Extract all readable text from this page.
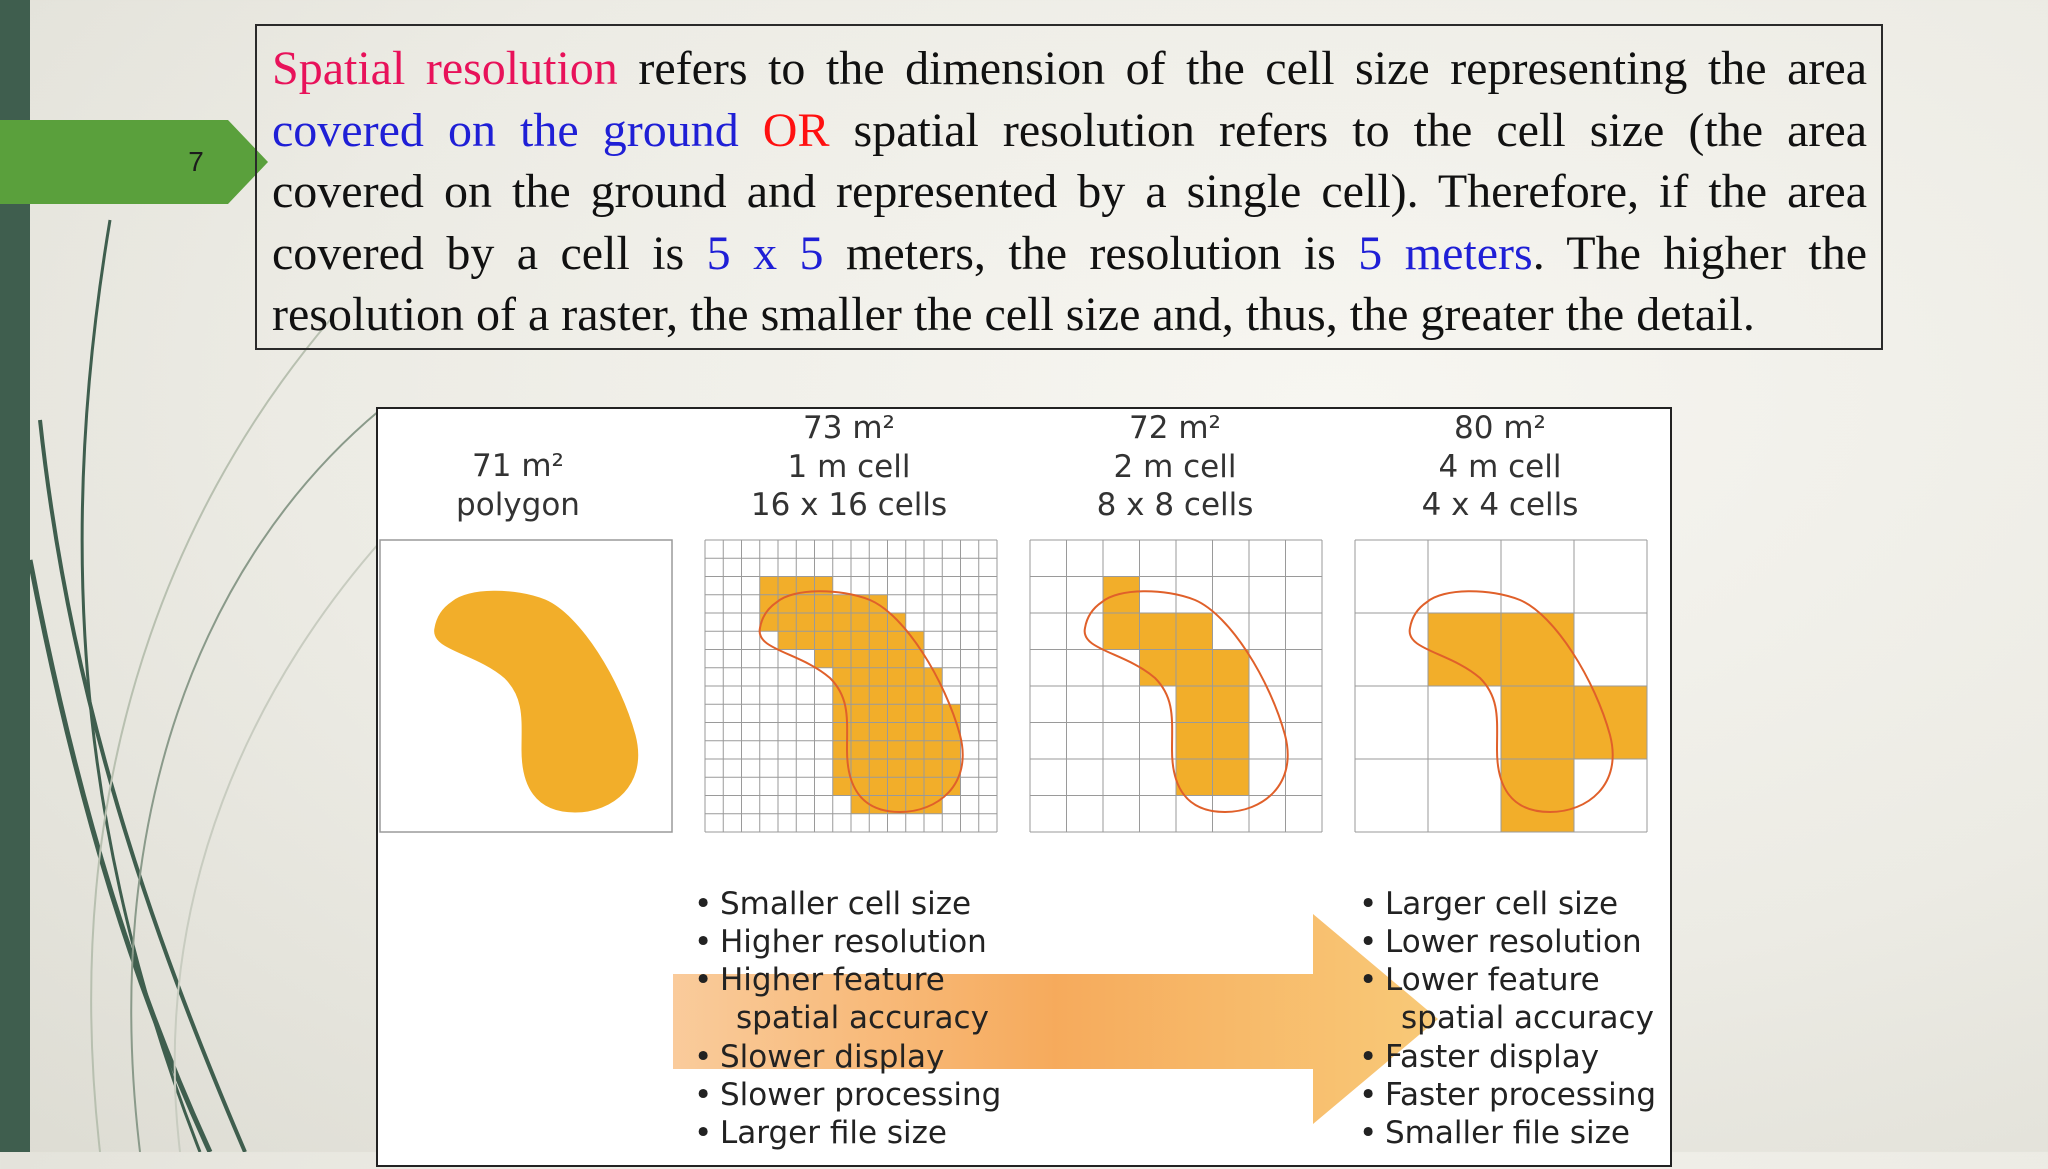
7
Spatial resolution refers to the dimension of the cell size representing the area
covered on the ground OR spatial resolution refers to the cell size (the area
covered on the ground and represented by a single cell). Therefore, if the area
covered by a cell is 5 x 5 meters, the resolution is 5 meters. The higher the
resolution of a raster, the smaller the cell size and, thus, the greater the detail.
71 m²
polygon
73 m²
1 m cell
16 x 16 cells
72 m²
2 m cell
8 x 8 cells
80 m²
4 m cell
4 x 4 cells
• Smaller cell size
• Higher resolution
• Higher feature
spatial accuracy
• Slower display
• Slower processing
• Larger file size
• Larger cell size
• Lower resolution
• Lower feature
spatial accuracy
• Faster display
• Faster processing
• Smaller file size
